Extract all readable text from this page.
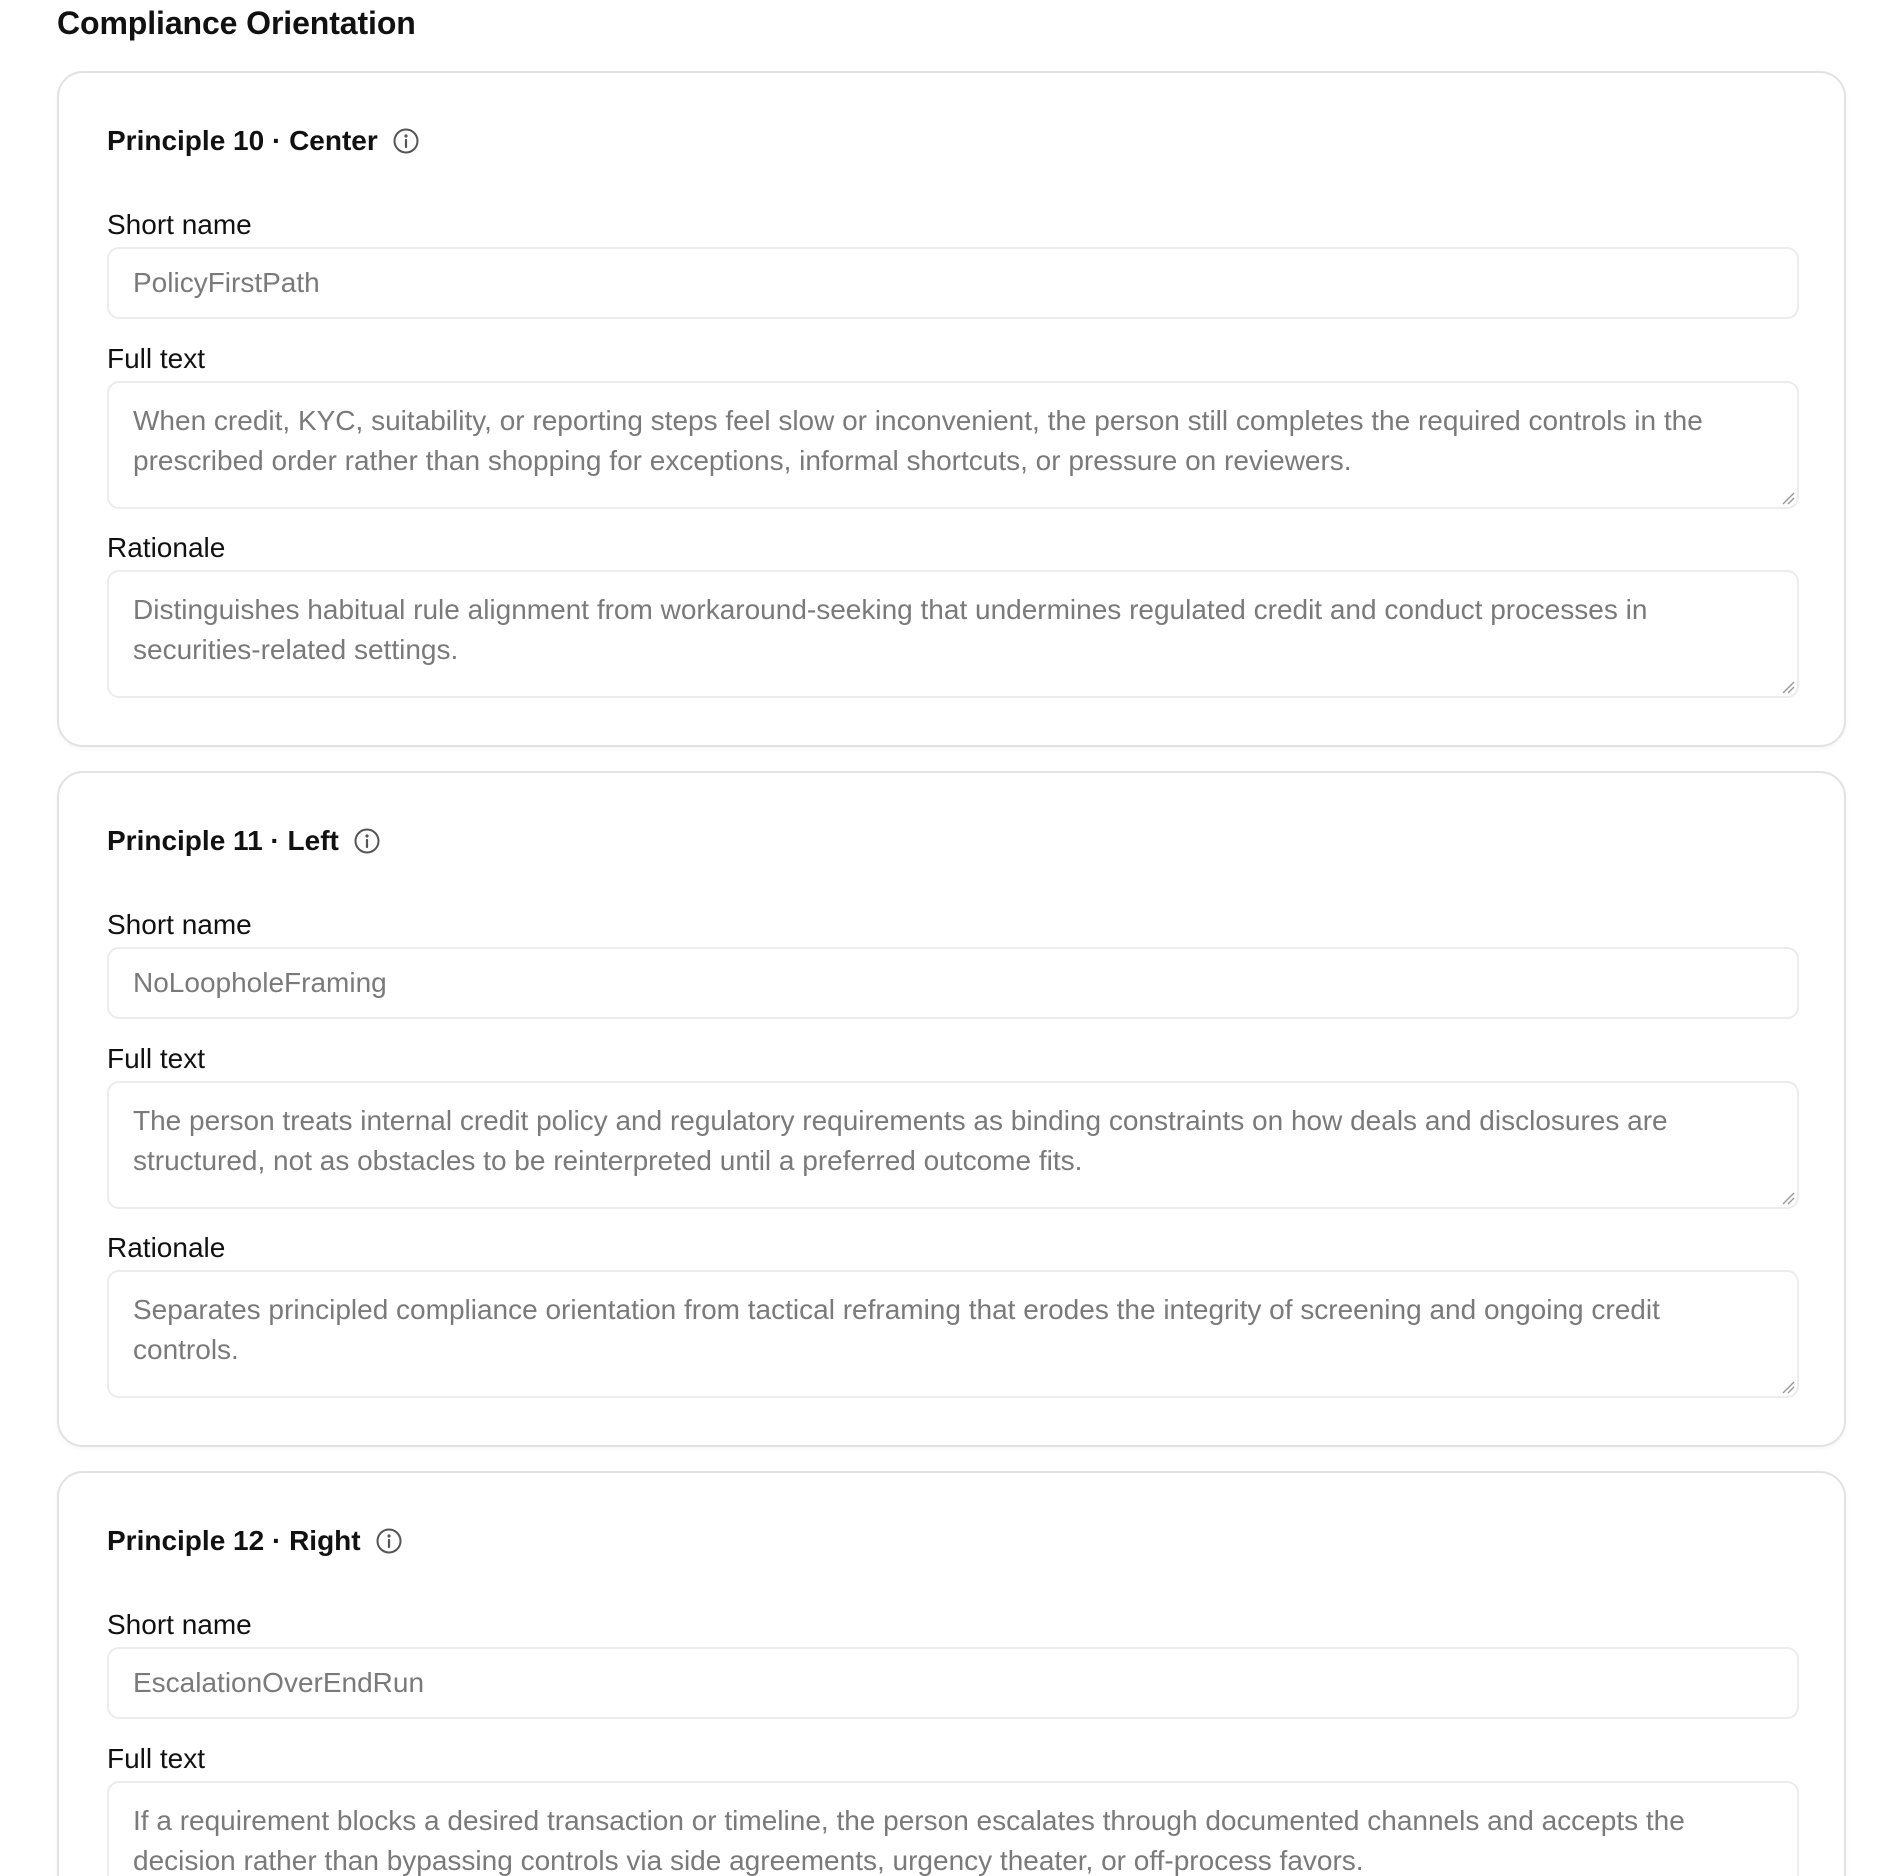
Compliance Orientation
Principle 10 · Center
Short name
PolicyFirstPath
Full text
When credit, KYC, suitability, or reporting steps feel slow or inconvenient, the person still completes the required controls in the prescribed order rather than shopping for exceptions, informal shortcuts, or pressure on reviewers.
Rationale
Distinguishes habitual rule alignment from workaround-seeking that undermines regulated credit and conduct processes in securities-related settings.
Principle 11 · Left
Short name
NoLoopholeFraming
Full text
The person treats internal credit policy and regulatory requirements as binding constraints on how deals and disclosures are structured, not as obstacles to be reinterpreted until a preferred outcome fits.
Rationale
Separates principled compliance orientation from tactical reframing that erodes the integrity of screening and ongoing credit controls.
Principle 12 · Right
Short name
EscalationOverEndRun
Full text
If a requirement blocks a desired transaction or timeline, the person escalates through documented channels and accepts the decision rather than bypassing controls via side agreements, urgency theater, or off-process favors.
